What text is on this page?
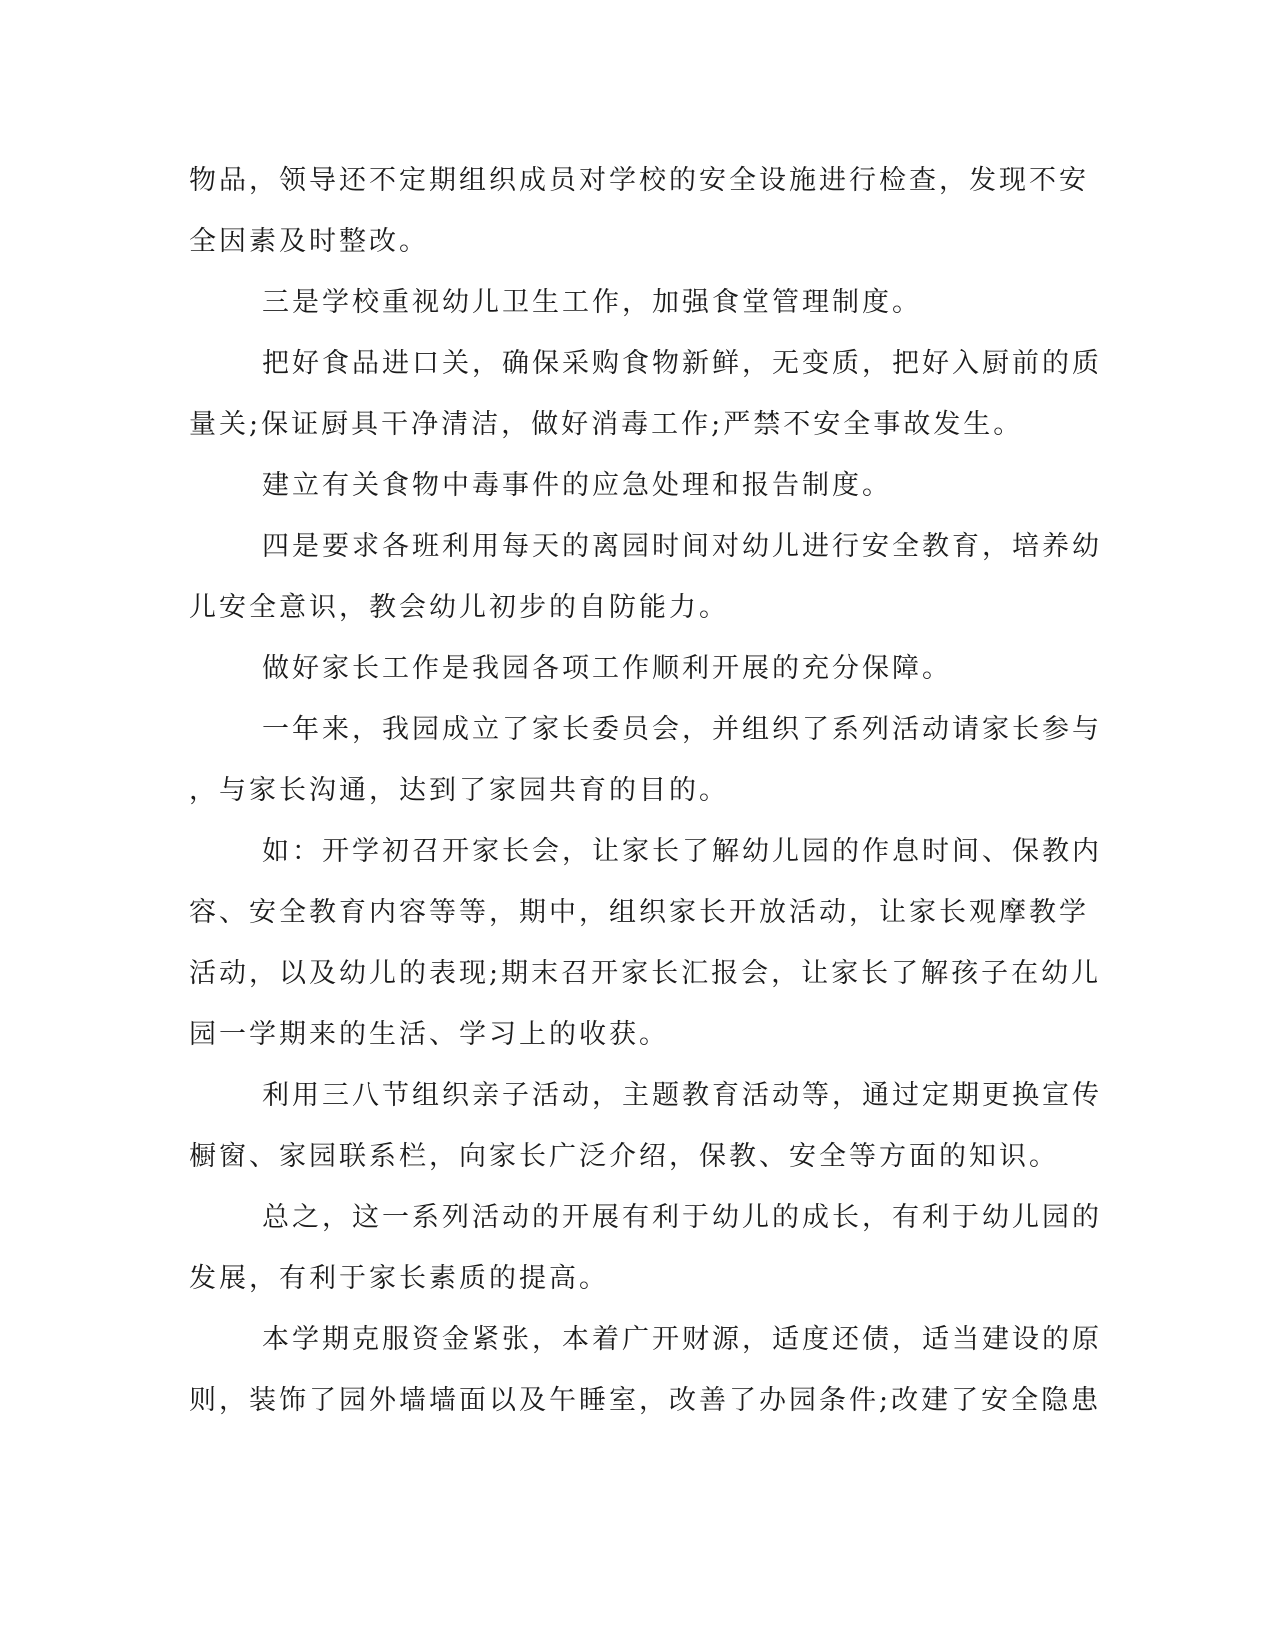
物品，领导还不定期组织成员对学校的安全设施进行检查，发现不安
全因素及时整改。
三是学校重视幼儿卫生工作，加强食堂管理制度。
把好食品进口关，确保采购食物新鲜，无变质，把好入厨前的质
量关;保证厨具干净清洁，做好消毒工作;严禁不安全事故发生。
建立有关食物中毒事件的应急处理和报告制度。
四是要求各班利用每天的离园时间对幼儿进行安全教育，培养幼
儿安全意识，教会幼儿初步的自防能力。
做好家长工作是我园各项工作顺利开展的充分保障。
一年来，我园成立了家长委员会，并组织了系列活动请家长参与
，与家长沟通，达到了家园共育的目的。
如：开学初召开家长会，让家长了解幼儿园的作息时间、保教内
容、安全教育内容等等，期中，组织家长开放活动，让家长观摩教学
活动，以及幼儿的表现;期末召开家长汇报会，让家长了解孩子在幼儿
园一学期来的生活、学习上的收获。
利用三八节组织亲子活动，主题教育活动等，通过定期更换宣传
橱窗、家园联系栏，向家长广泛介绍，保教、安全等方面的知识。
总之，这一系列活动的开展有利于幼儿的成长，有利于幼儿园的
发展，有利于家长素质的提高。
本学期克服资金紧张，本着广开财源，适度还债，适当建设的原
则，装饰了园外墙墙面以及午睡室，改善了办园条件;改建了安全隐患
